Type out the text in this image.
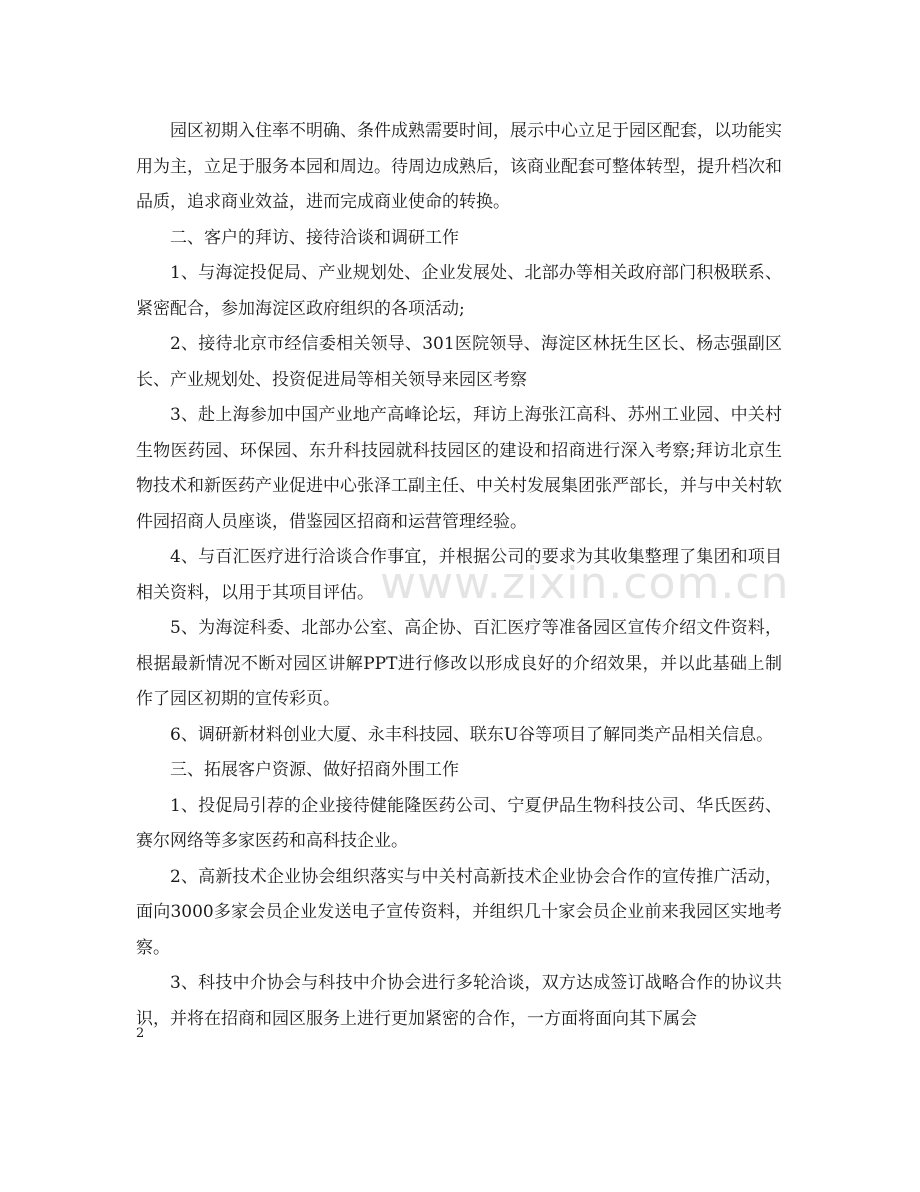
www.zixin.com.cn

园区初期入住率不明确、条件成熟需要时间，展示中心立足于园区配套，以功能实用为主，立足于服务本园和周边。待周边成熟后，该商业配套可整体转型，提升档次和品质，追求商业效益，进而完成商业使命的转换。

二、客户的拜访、接待洽谈和调研工作

1、与海淀投促局、产业规划处、企业发展处、北部办等相关政府部门积极联系、紧密配合，参加海淀区政府组织的各项活动;

2、接待北京市经信委相关领导、301医院领导、海淀区林抚生区长、杨志强副区长、产业规划处、投资促进局等相关领导来园区考察

3、赴上海参加中国产业地产高峰论坛，拜访上海张江高科、苏州工业园、中关村生物医药园、环保园、东升科技园就科技园区的建设和招商进行深入考察;拜访北京生物技术和新医药产业促进中心张泽工副主任、中关村发展集团张严部长，并与中关村软件园招商人员座谈，借鉴园区招商和运营管理经验。

4、与百汇医疗进行洽谈合作事宜，并根据公司的要求为其收集整理了集团和项目相关资料，以用于其项目评估。

5、为海淀科委、北部办公室、高企协、百汇医疗等准备园区宣传介绍文件资料，根据最新情况不断对园区讲解PPT进行修改以形成良好的介绍效果，并以此基础上制作了园区初期的宣传彩页。

6、调研新材料创业大厦、永丰科技园、联东U谷等项目了解同类产品相关信息。

三、拓展客户资源、做好招商外围工作

1、投促局引荐的企业接待健能隆医药公司、宁夏伊品生物科技公司、华氏医药、赛尔网络等多家医药和高科技企业。

2、高新技术企业协会组织落实与中关村高新技术企业协会合作的宣传推广活动，面向3000多家会员企业发送电子宣传资料，并组织几十家会员企业前来我园区实地考察。

3、科技中介协会与科技中介协会进行多轮洽谈，双方达成签订战略合作的协议共识，并将在招商和园区服务上进行更加紧密的合作，一方面将面向其下属会

2
